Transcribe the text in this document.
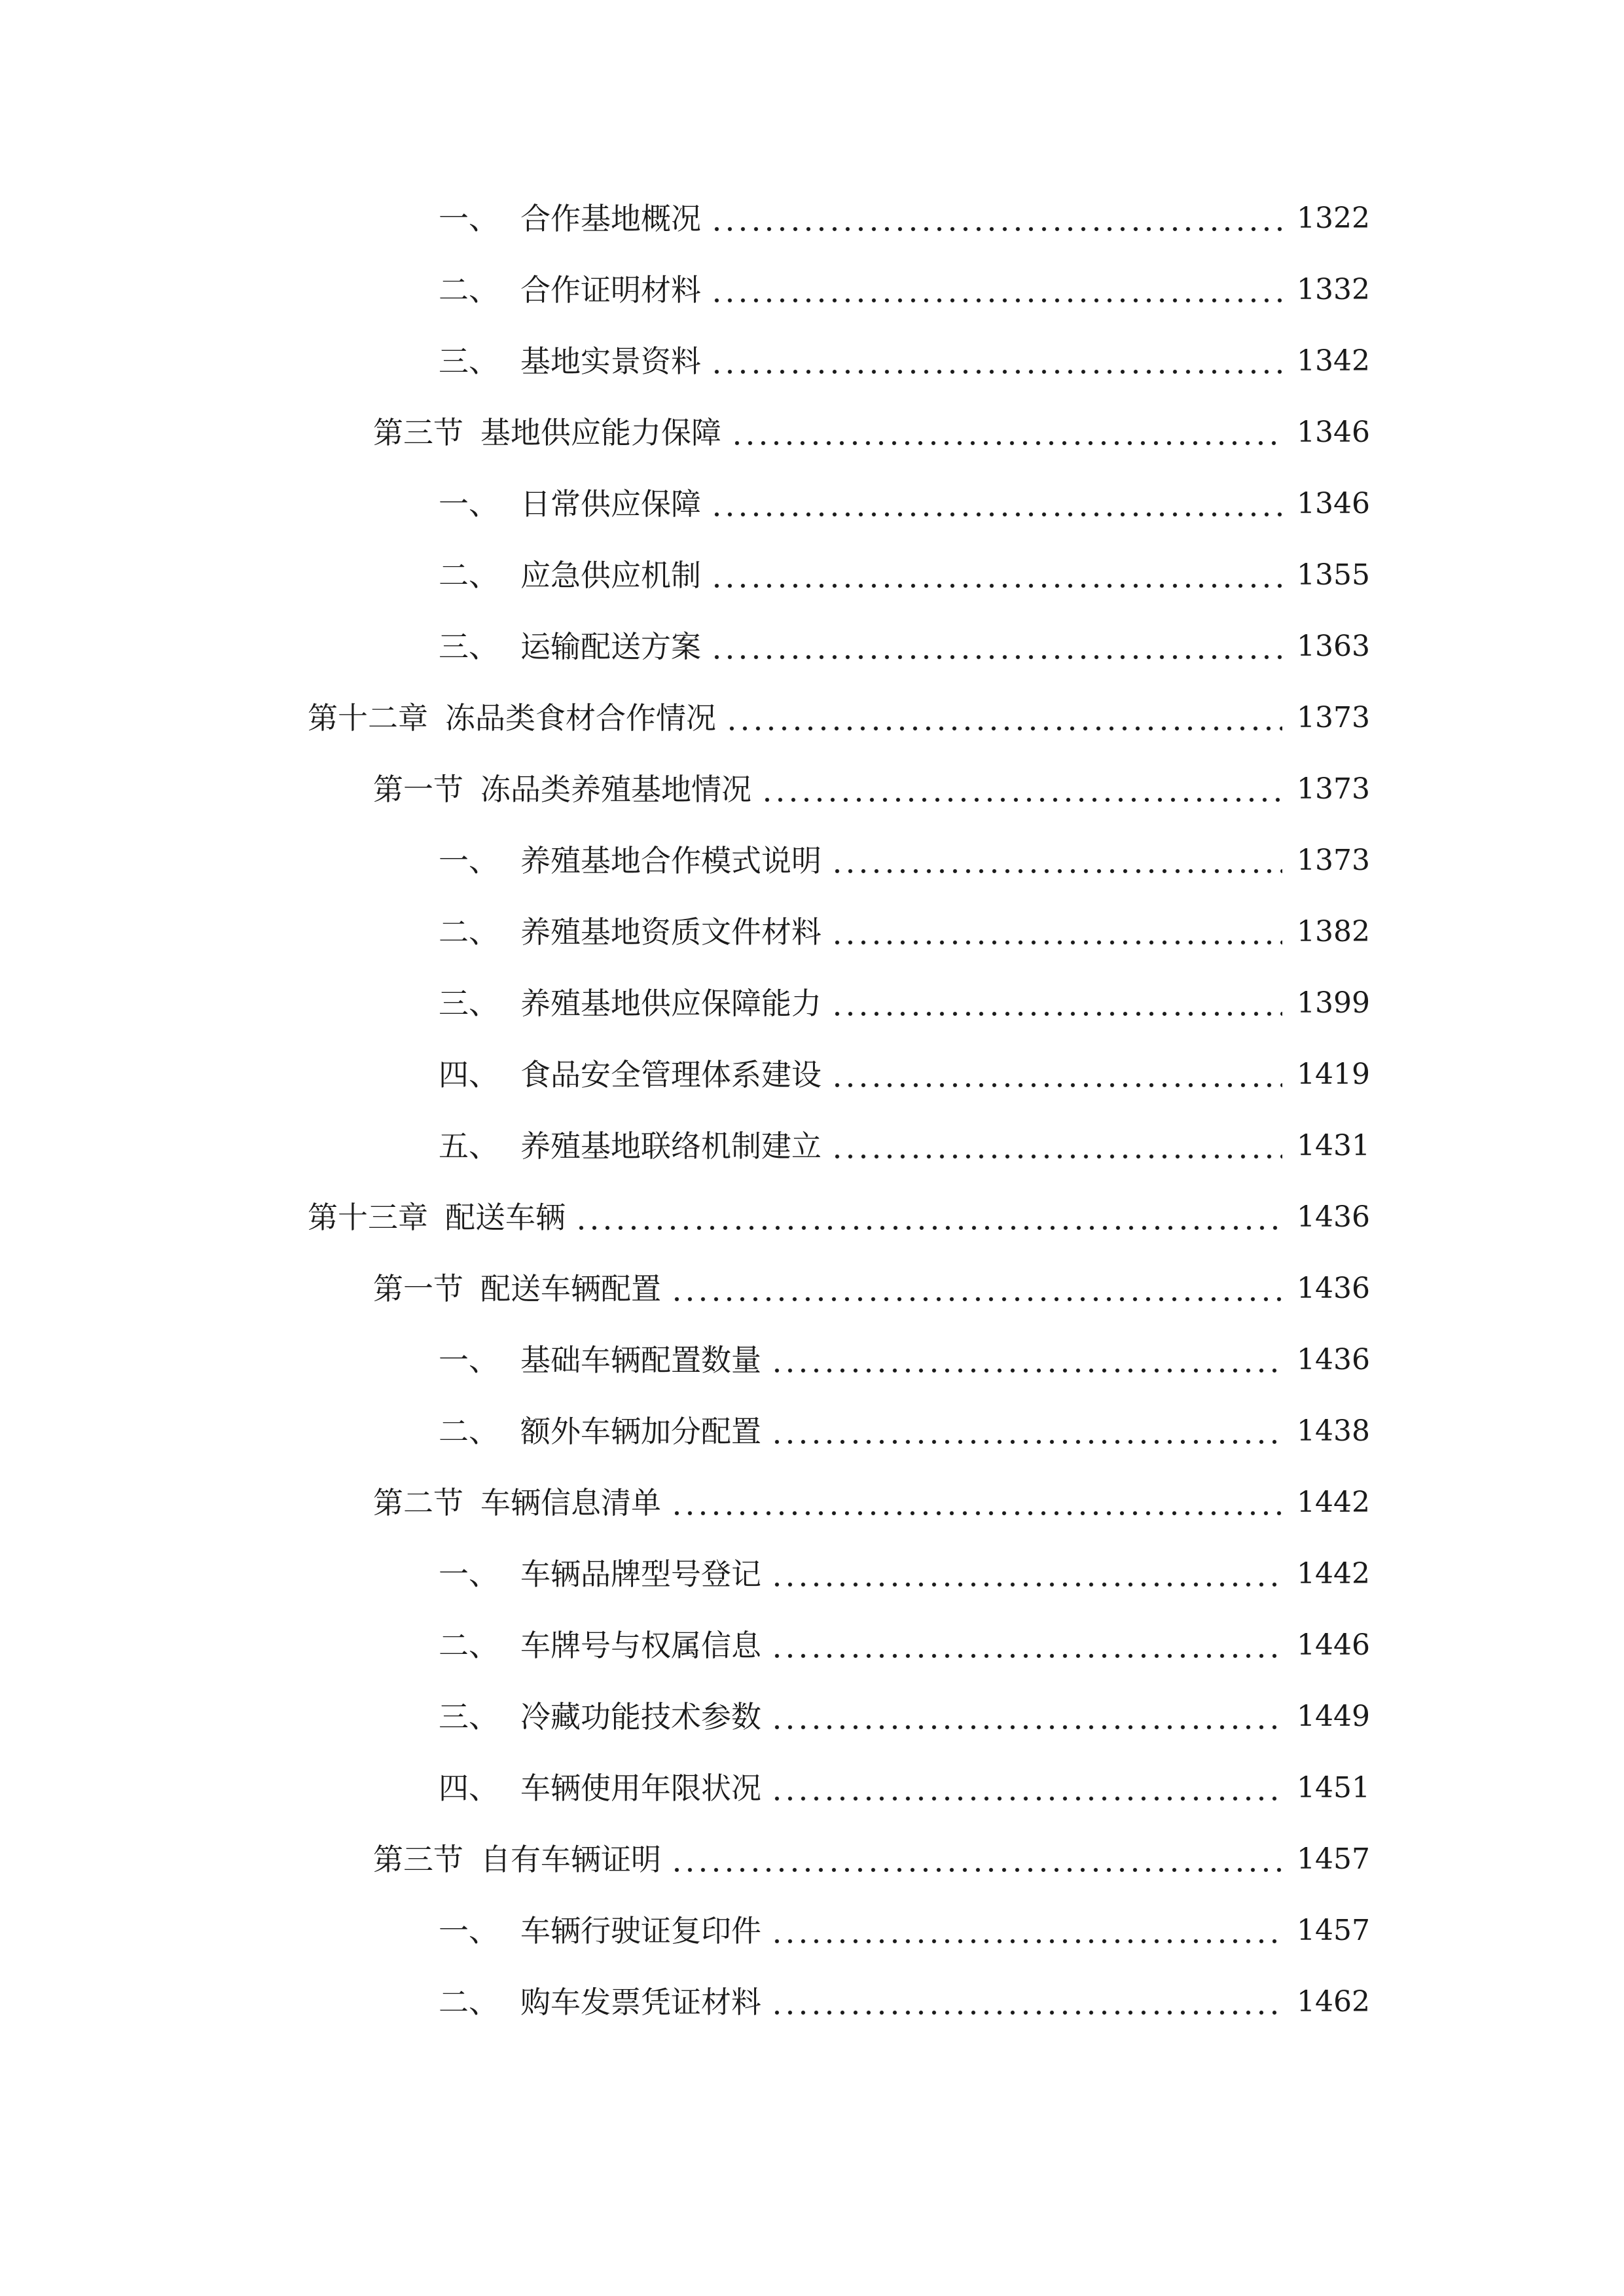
一、 合作基地概况	1322
二、 合作证明材料	1332
三、 基地实景资料	1342
第三节 基地供应能力保障	1346
一、 日常供应保障	1346
二、 应急供应机制	1355
三、 运输配送方案	1363
第十二章 冻品类食材合作情况	1373
第一节 冻品类养殖基地情况	1373
一、 养殖基地合作模式说明	1373
二、 养殖基地资质文件材料	1382
三、 养殖基地供应保障能力	1399
四、 食品安全管理体系建设	1419
五、 养殖基地联络机制建立	1431
第十三章 配送车辆	1436
第一节 配送车辆配置	1436
一、 基础车辆配置数量	1436
二、 额外车辆加分配置	1438
第二节 车辆信息清单	1442
一、 车辆品牌型号登记	1442
二、 车牌号与权属信息	1446
三、 冷藏功能技术参数	1449
四、 车辆使用年限状况	1451
第三节 自有车辆证明	1457
一、 车辆行驶证复印件	1457
二、 购车发票凭证材料	1462
